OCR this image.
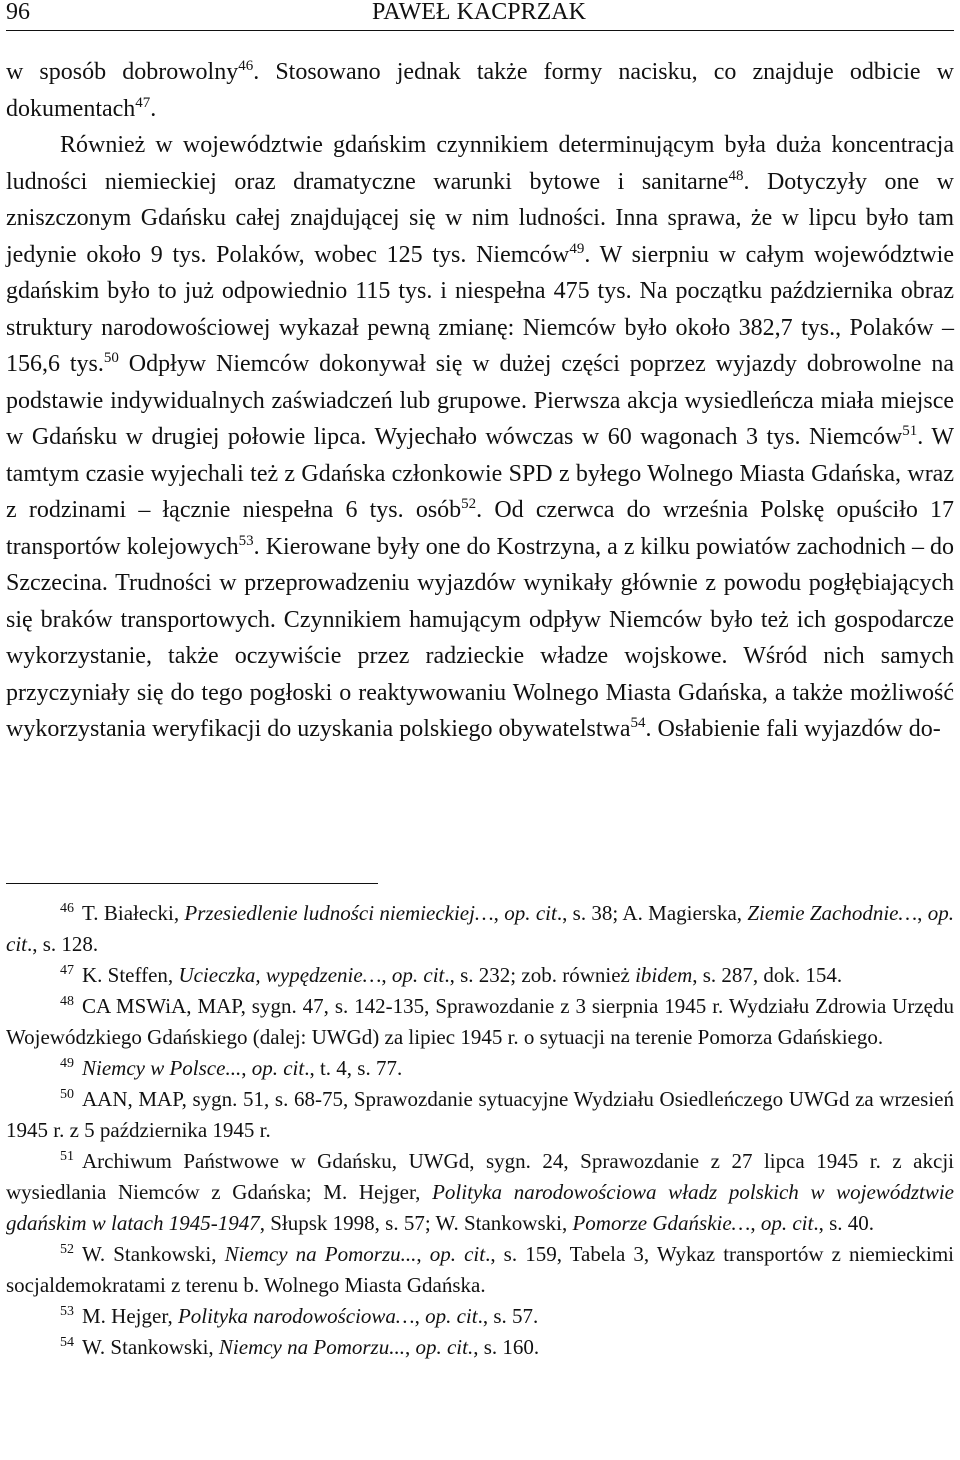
96	PAWEŁ KACPRZAK

w sposób dobrowolny$^{46}$. Stosowano jednak także formy nacisku, co znajduje odbicie w dokumentach$^{47}$.

Również w województwie gdańskim czynnikiem determinującym była duża koncentracja ludności niemieckiej oraz dramatyczne warunki bytowe i sanitarne$^{48}$. Dotyczyły one w zniszczonym Gdańsku całej znajdującej się w nim ludności. Inna sprawa, że w lipcu było tam jedynie około 9 tys. Polaków, wobec 125 tys. Niemców$^{49}$. W sierpniu w całym województwie gdańskim było to już odpowiednio 115 tys. i niespełna 475 tys. Na początku października obraz struktury narodowościowej wykazał pewną zmianę: Niemców było około 382,7 tys., Polaków – 156,6 tys.$^{50}$ Odpływ Niemców dokonywał się w dużej części poprzez wyjazdy dobrowolne na podstawie indywidualnych zaświadczeń lub grupowe. Pierwsza akcja wysiedleńcza miała miejsce w Gdańsku w drugiej połowie lipca. Wyjechało wówczas w 60 wagonach 3 tys. Niemców$^{51}$. W tamtym czasie wyjechali też z Gdańska członkowie SPD z byłego Wolnego Miasta Gdańska, wraz z rodzinami – łącznie niespełna 6 tys. osób$^{52}$. Od czerwca do września Polskę opuściło 17 transportów kolejowych$^{53}$. Kierowane były one do Kostrzyna, a z kilku powiatów zachodnich – do Szczecina. Trudności w przeprowadzeniu wyjazdów wynikały głównie z powodu pogłębiających się braków transportowych. Czynnikiem hamującym odpływ Niemców było też ich gospodarcze wykorzystanie, także oczywiście przez radzieckie władze wojskowe. Wśród nich samych przyczyniały się do tego pogłoski o reaktywowaniu Wolnego Miasta Gdańska, a także możliwość wykorzystania weryfikacji do uzyskania polskiego obywatelstwa$^{54}$. Osłabienie fali wyjazdów do-

$^{46}$ T. Białecki, Przesiedlenie ludności niemieckiej…, op. cit., s. 38; A. Magierska, Ziemie Zachodnie…, op. cit., s. 128.

$^{47}$ K. Steffen, Ucieczka, wypędzenie…, op. cit., s. 232; zob. również ibidem, s. 287, dok. 154.

$^{48}$ CA MSWiA, MAP, sygn. 47, s. 142-135, Sprawozdanie z 3 sierpnia 1945 r. Wydziału Zdrowia Urzędu Wojewódzkiego Gdańskiego (dalej: UWGd) za lipiec 1945 r. o sytuacji na terenie Pomorza Gdańskiego.

$^{49}$ Niemcy w Polsce..., op. cit., t. 4, s. 77.

$^{50}$ AAN, MAP, sygn. 51, s. 68-75, Sprawozdanie sytuacyjne Wydziału Osiedleńczego UWGd za wrzesień 1945 r. z 5 października 1945 r.

$^{51}$ Archiwum Państwowe w Gdańsku, UWGd, sygn. 24, Sprawozdanie z 27 lipca 1945 r. z akcji wysiedlania Niemców z Gdańska; M. Hejger, Polityka narodowościowa władz polskich w województwie gdańskim w latach 1945-1947, Słupsk 1998, s. 57; W. Stankowski, Pomorze Gdańskie…, op. cit., s. 40.

$^{52}$ W. Stankowski, Niemcy na Pomorzu..., op. cit., s. 159, Tabela 3, Wykaz transportów z niemieckimi socjaldemokratami z terenu b. Wolnego Miasta Gdańska.

$^{53}$ M. Hejger, Polityka narodowościowa…, op. cit., s. 57.

$^{54}$ W. Stankowski, Niemcy na Pomorzu..., op. cit., s. 160.
